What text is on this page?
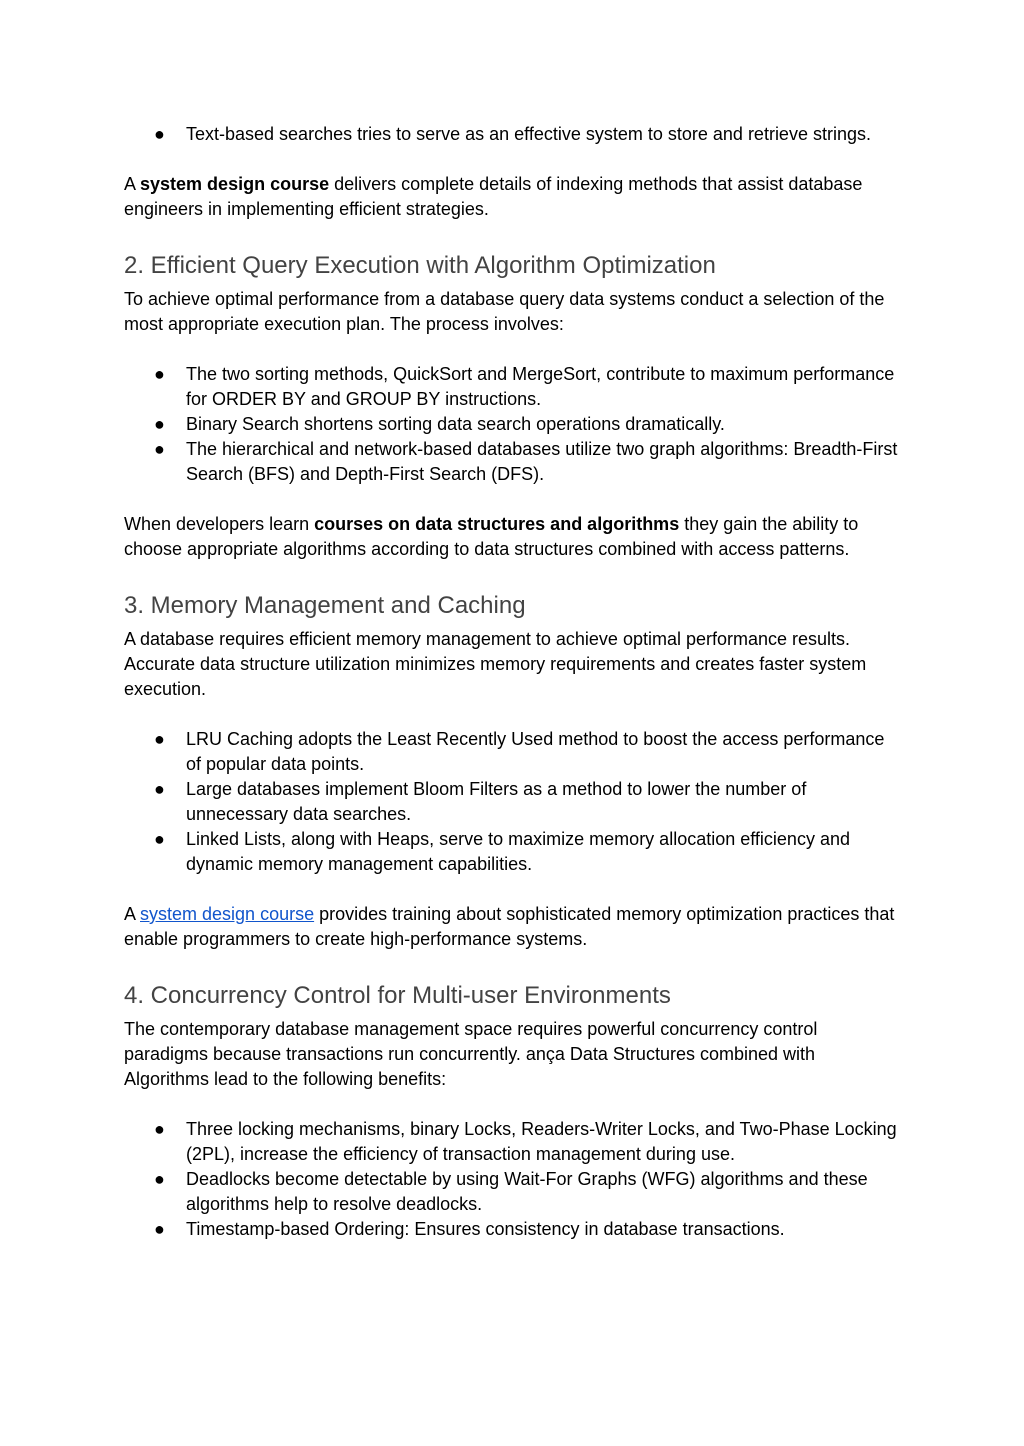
● Text-based searches tries to serve as an effective system to store and retrieve strings.

A system design course delivers complete details of indexing methods that assist database engineers in implementing efficient strategies.

2. Efficient Query Execution with Algorithm Optimization

To achieve optimal performance from a database query data systems conduct a selection of the most appropriate execution plan. The process involves:

● The two sorting methods, QuickSort and MergeSort, contribute to maximum performance for ORDER BY and GROUP BY instructions.
● Binary Search shortens sorting data search operations dramatically.
● The hierarchical and network-based databases utilize two graph algorithms: Breadth-First Search (BFS) and Depth-First Search (DFS).

When developers learn courses on data structures and algorithms they gain the ability to choose appropriate algorithms according to data structures combined with access patterns.

3. Memory Management and Caching

A database requires efficient memory management to achieve optimal performance results. Accurate data structure utilization minimizes memory requirements and creates faster system execution.

● LRU Caching adopts the Least Recently Used method to boost the access performance of popular data points.
● Large databases implement Bloom Filters as a method to lower the number of unnecessary data searches.
● Linked Lists, along with Heaps, serve to maximize memory allocation efficiency and dynamic memory management capabilities.

A system design course provides training about sophisticated memory optimization practices that enable programmers to create high-performance systems.

4. Concurrency Control for Multi-user Environments

The contemporary database management space requires powerful concurrency control paradigms because transactions run concurrently. ança Data Structures combined with Algorithms lead to the following benefits:

● Three locking mechanisms, binary Locks, Readers-Writer Locks, and Two-Phase Locking (2PL), increase the efficiency of transaction management during use.
● Deadlocks become detectable by using Wait-For Graphs (WFG) algorithms and these algorithms help to resolve deadlocks.
● Timestamp-based Ordering: Ensures consistency in database transactions.
